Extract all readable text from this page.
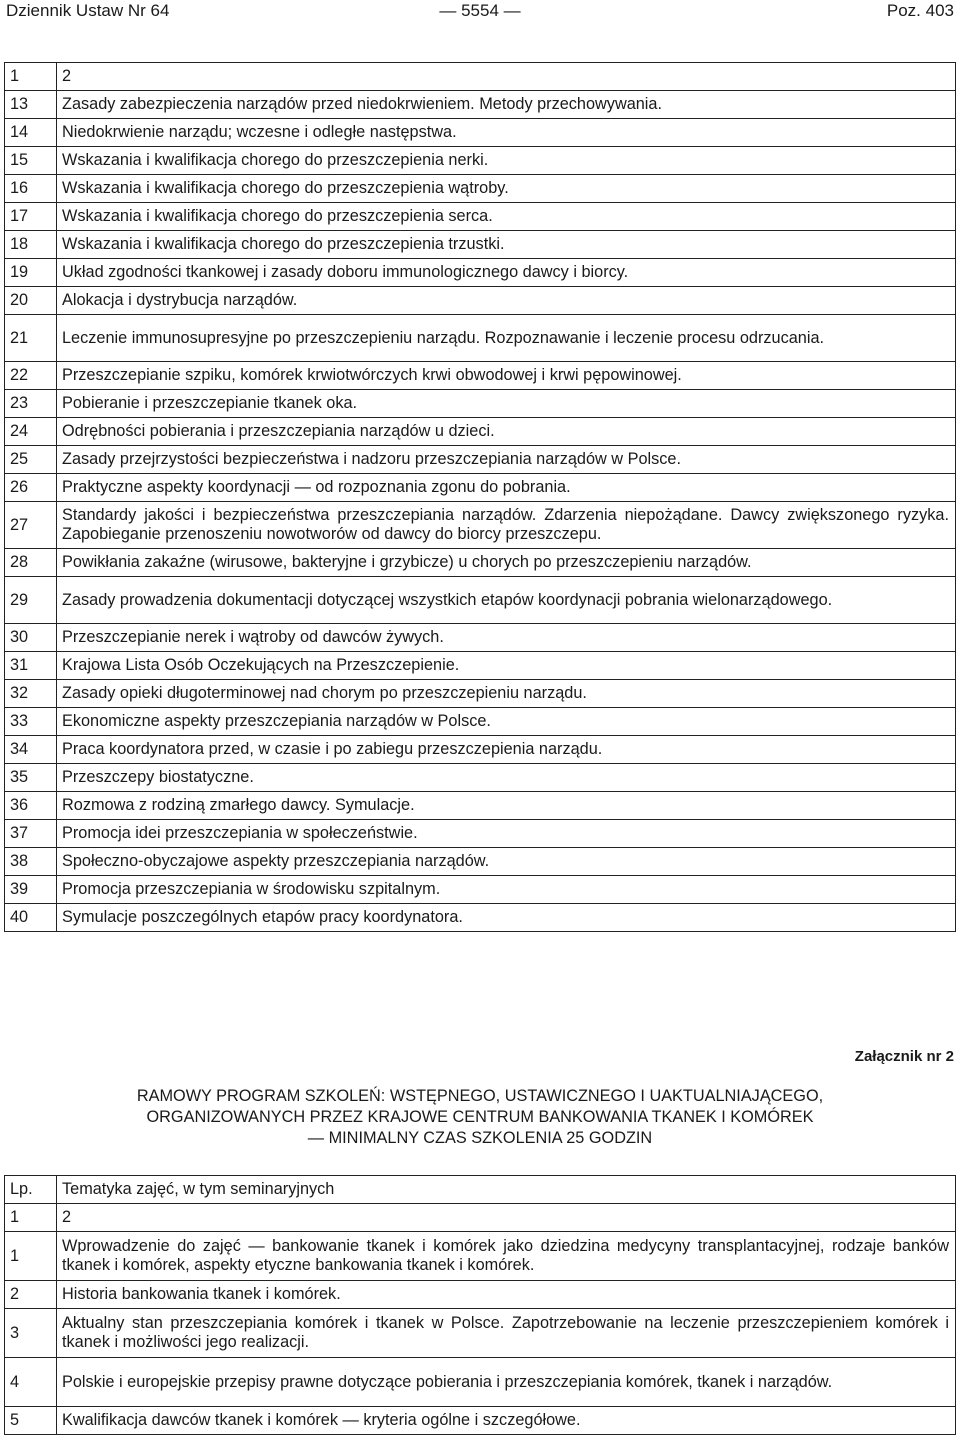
Dziennik Ustaw Nr 64	— 5554 —	Poz. 403
1	2
13	Zasady zabezpieczenia narządów przed niedokrwieniem. Metody przechowywania.
14	Niedokrwienie narządu; wczesne i odległe następstwa.
15	Wskazania i kwalifikacja chorego do przeszczepienia nerki.
16	Wskazania i kwalifikacja chorego do przeszczepienia wątroby.
17	Wskazania i kwalifikacja chorego do przeszczepienia serca.
18	Wskazania i kwalifikacja chorego do przeszczepienia trzustki.
19	Układ zgodności tkankowej i zasady doboru immunologicznego dawcy i biorcy.
20	Alokacja i dystrybucja narządów.
21	Leczenie immunosupresyjne po przeszczepieniu narządu. Rozpoznawanie i leczenie procesu odrzucania.
22	Przeszczepianie szpiku, komórek krwiotwórczych krwi obwodowej i krwi pępowinowej.
23	Pobieranie i przeszczepianie tkanek oka.
24	Odrębności pobierania i przeszczepiania narządów u dzieci.
25	Zasady przejrzystości bezpieczeństwa i nadzoru przeszczepiania narządów w Polsce.
26	Praktyczne aspekty koordynacji — od rozpoznania zgonu do pobrania.
27	Standardy jakości i bezpieczeństwa przeszczepiania narządów. Zdarzenia niepożądane. Dawcy zwiększonego ryzyka. Zapobieganie przenoszeniu nowotworów od dawcy do biorcy przeszczepu.
28	Powikłania zakaźne (wirusowe, bakteryjne i grzybicze) u chorych po przeszczepieniu narządów.
29	Zasady prowadzenia dokumentacji dotyczącej wszystkich etapów koordynacji pobrania wielonarządowego.
30	Przeszczepianie nerek i wątroby od dawców żywych.
31	Krajowa Lista Osób Oczekujących na Przeszczepienie.
32	Zasady opieki długoterminowej nad chorym po przeszczepieniu narządu.
33	Ekonomiczne aspekty przeszczepiania narządów w Polsce.
34	Praca koordynatora przed, w czasie i po zabiegu przeszczepienia narządu.
35	Przeszczepy biostatyczne.
36	Rozmowa z rodziną zmarłego dawcy. Symulacje.
37	Promocja idei przeszczepiania w społeczeństwie.
38	Społeczno-obyczajowe aspekty przeszczepiania narządów.
39	Promocja przeszczepiania w środowisku szpitalnym.
40	Symulacje poszczególnych etapów pracy koordynatora.
Załącznik nr 2
RAMOWY PROGRAM SZKOLEŃ: WSTĘPNEGO, USTAWICZNEGO I UAKTUALNIAJĄCEGO,
ORGANIZOWANYCH PRZEZ KRAJOWE CENTRUM BANKOWANIA TKANEK I KOMÓREK
— MINIMALNY CZAS SZKOLENIA 25 GODZIN
Lp.	Tematyka zajęć, w tym seminaryjnych
1	2
1	Wprowadzenie do zajęć — bankowanie tkanek i komórek jako dziedzina medycyny transplantacyjnej, rodzaje banków tkanek i komórek, aspekty etyczne bankowania tkanek i komórek.
2	Historia bankowania tkanek i komórek.
3	Aktualny stan przeszczepiania komórek i tkanek w Polsce. Zapotrzebowanie na leczenie przeszczepieniem komórek i tkanek i możliwości jego realizacji.
4	Polskie i europejskie przepisy prawne dotyczące pobierania i przeszczepiania komórek, tkanek i narządów.
5	Kwalifikacja dawców tkanek i komórek — kryteria ogólne i szczegółowe.
